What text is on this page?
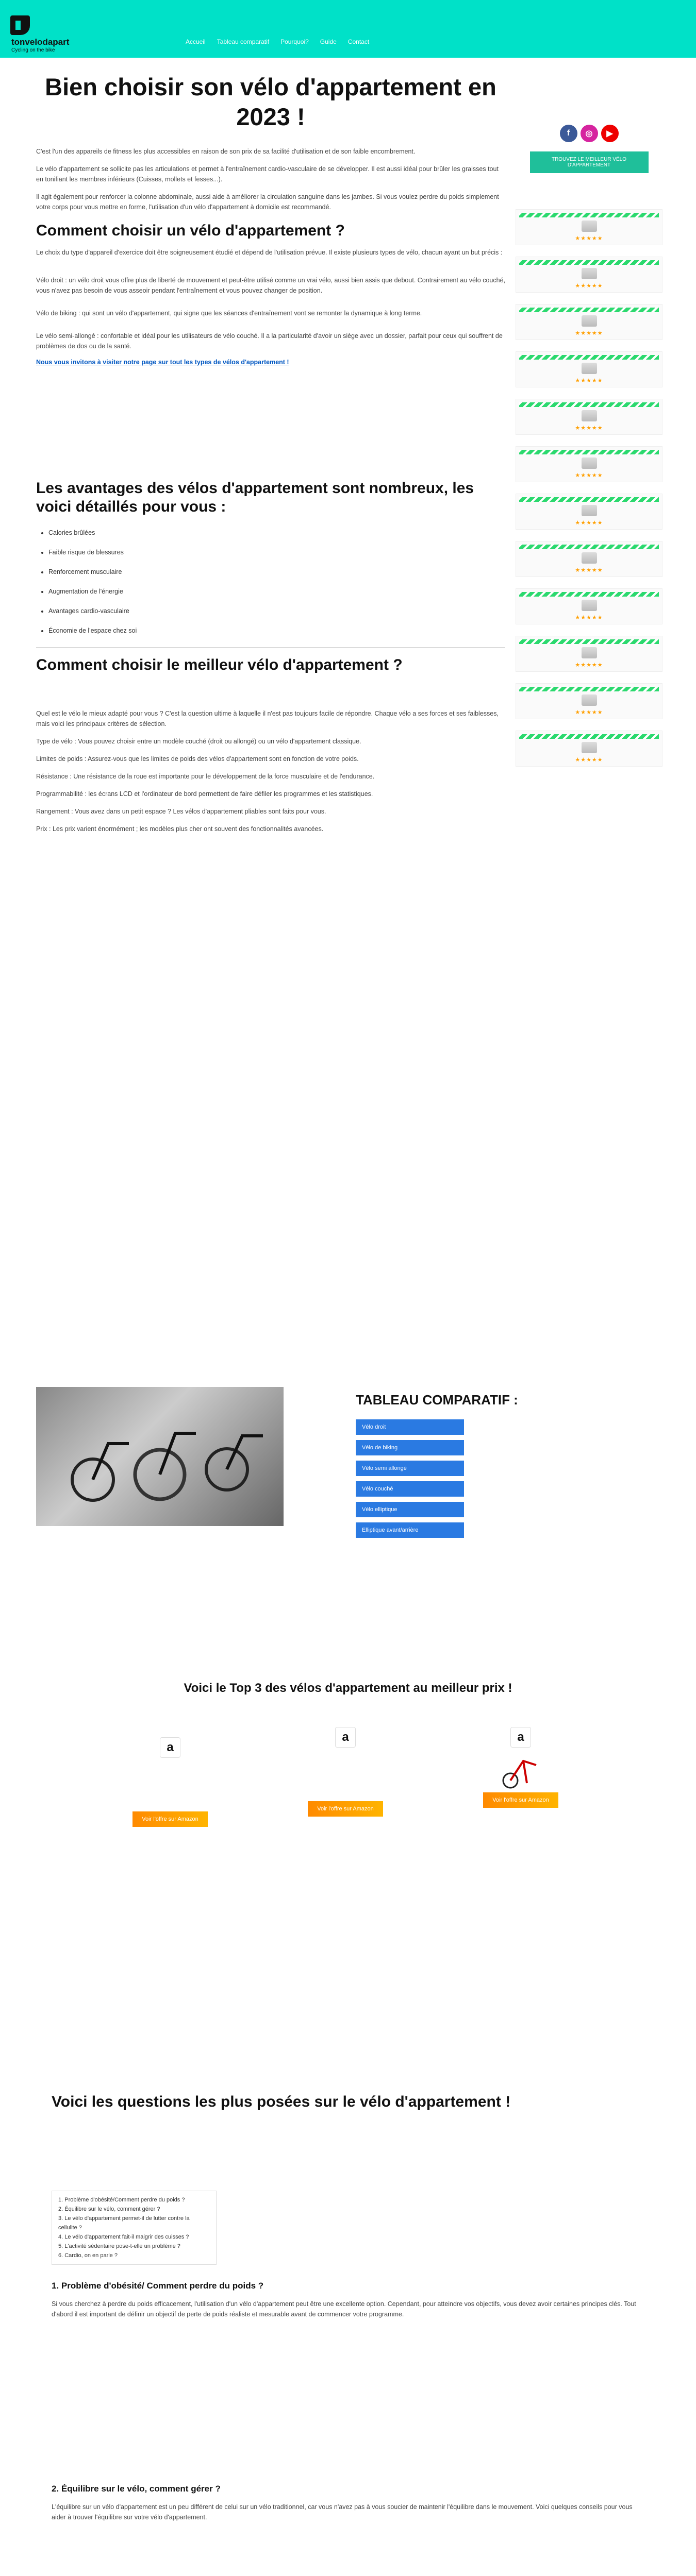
tonvelodapart
Cycling on the bike
Accueil Tableau comparatif Pourquoi? Guide Contact
Bien choisir son vélo d'appartement en 2023 !

C'est l'un des appareils de fitness les plus accessibles en raison de son prix de sa facilité d'utilisation et de son faible encombrement.

Le vélo d'appartement se sollicite pas les articulations et permet à l'entraînement cardio-vasculaire de se développer. Il est aussi idéal pour brûler les graisses tout en tonifiant les membres inférieurs (Cuisses, mollets et fesses...).

Il agit également pour renforcer la colonne abdominale, aussi aide à améliorer la circulation sanguine dans les jambes. Si vous voulez perdre du poids simplement votre corps pour vous mettre en forme, l'utilisation d'un vélo d'appartement à domicile est recommandé.

Comment choisir un vélo d'appartement ?

Le choix du type d'appareil d'exercice doit être soigneusement étudié et dépend de l'utilisation prévue. Il existe plusieurs types de vélo, chacun ayant un but précis :

Vélo droit : un vélo droit vous offre plus de liberté de mouvement et peut-être utilisé comme un vrai vélo, aussi bien assis que debout. Contrairement au vélo couché, vous n'avez pas besoin de vous asseoir pendant l'entraînement et vous pouvez changer de position.

Vélo de biking : qui sont un vélo d'appartement, qui signe que les séances d'entraînement vont se remonter la dynamique à long terme.

Le vélo semi-allongé : confortable et idéal pour les utilisateurs de vélo couché. Il a la particularité d'avoir un siège avec un dossier, parfait pour ceux qui souffrent de problèmes de dos ou de la santé.

Nous vous invitons à visiter notre page sur tout les types de vélos d'appartement !
Les avantages des vélos d'appartement sont nombreux, les voici détaillés pour vous :
• Calories brûlées
• Faible risque de blessures
• Renforcement musculaire
• Augmentation de l'énergie
• Avantages cardio-vasculaire
• Économie de l'espace chez soi
Comment choisir le meilleur vélo d'appartement ?

Quel est le vélo le mieux adapté pour vous ? C'est la question ultime à laquelle il n'est pas toujours facile de répondre. Chaque vélo a ses forces et ses faiblesses, mais voici les principaux critères de sélection.

Type de vélo : Vous pouvez choisir entre un modèle couché (droit ou allongé) ou un vélo d'appartement classique.

Limites de poids : Assurez-vous que les limites de poids des vélos d'appartement sont en fonction de votre poids.

Résistance : Une résistance de la roue est importante pour le développement de la force musculaire et de l'endurance.

Programmabilité : les écrans LCD et l'ordinateur de bord permettent de faire défiler les programmes et les statistiques.

Rangement : Vous avez dans un petit espace ? Les vélos d'appartement pliables sont faits pour vous.

Prix : Les prix varient énormément ; les modèles plus cher ont souvent des fonctionnalités avancées.

f	◎	▶
TROUVEZ LE MEILLEUR VÉLO D'APPARTEMENT
★★★★★
★★★★★
★★★★★
★★★★★
★★★★★
★★★★★
★★★★★
★★★★★
★★★★★
★★★★★
★★★★★
★★★★★
TABLEAU COMPARATIF :
Vélo droit
Vélo de biking
Vélo semi allongé
Vélo couché
Vélo elliptique
Elliptique avant/arrière
Voici le Top 3 des vélos d'appartement au meilleur prix !
a
Voir l'offre sur Amazon
a
Voir l'offre sur Amazon
a

Voir l'offre sur Amazon
Voici les questions les plus posées sur le vélo d'appartement !
1. Problème d'obésité/Comment perdre du poids ?
2. Équilibre sur le vélo, comment gérer ?
3. Le vélo d'appartement permet-il de lutter contre la cellulite ?
4. Le vélo d'appartement fait-il maigrir des cuisses ?
5. L'activité sédentaire pose-t-elle un problème ?
6. Cardio, on en parle ?
1. Problème d'obésité/ Comment perdre du poids ?

Si vous cherchez à perdre du poids efficacement, l'utilisation d'un vélo d'appartement peut être une excellente option. Cependant, pour atteindre vos objectifs, vous devez avoir certaines principes clés. Tout d'abord il est important de définir un objectif de perte de poids réaliste et mesurable avant de commencer votre programme.

2. Équilibre sur le vélo, comment gérer ?

L'équilibre sur un vélo d'appartement est un peu différent de celui sur un vélo traditionnel, car vous n'avez pas à vous soucier de maintenir l'équilibre dans le mouvement. Voici quelques conseils pour vous aider à trouver l'équilibre sur votre vélo d'appartement.
